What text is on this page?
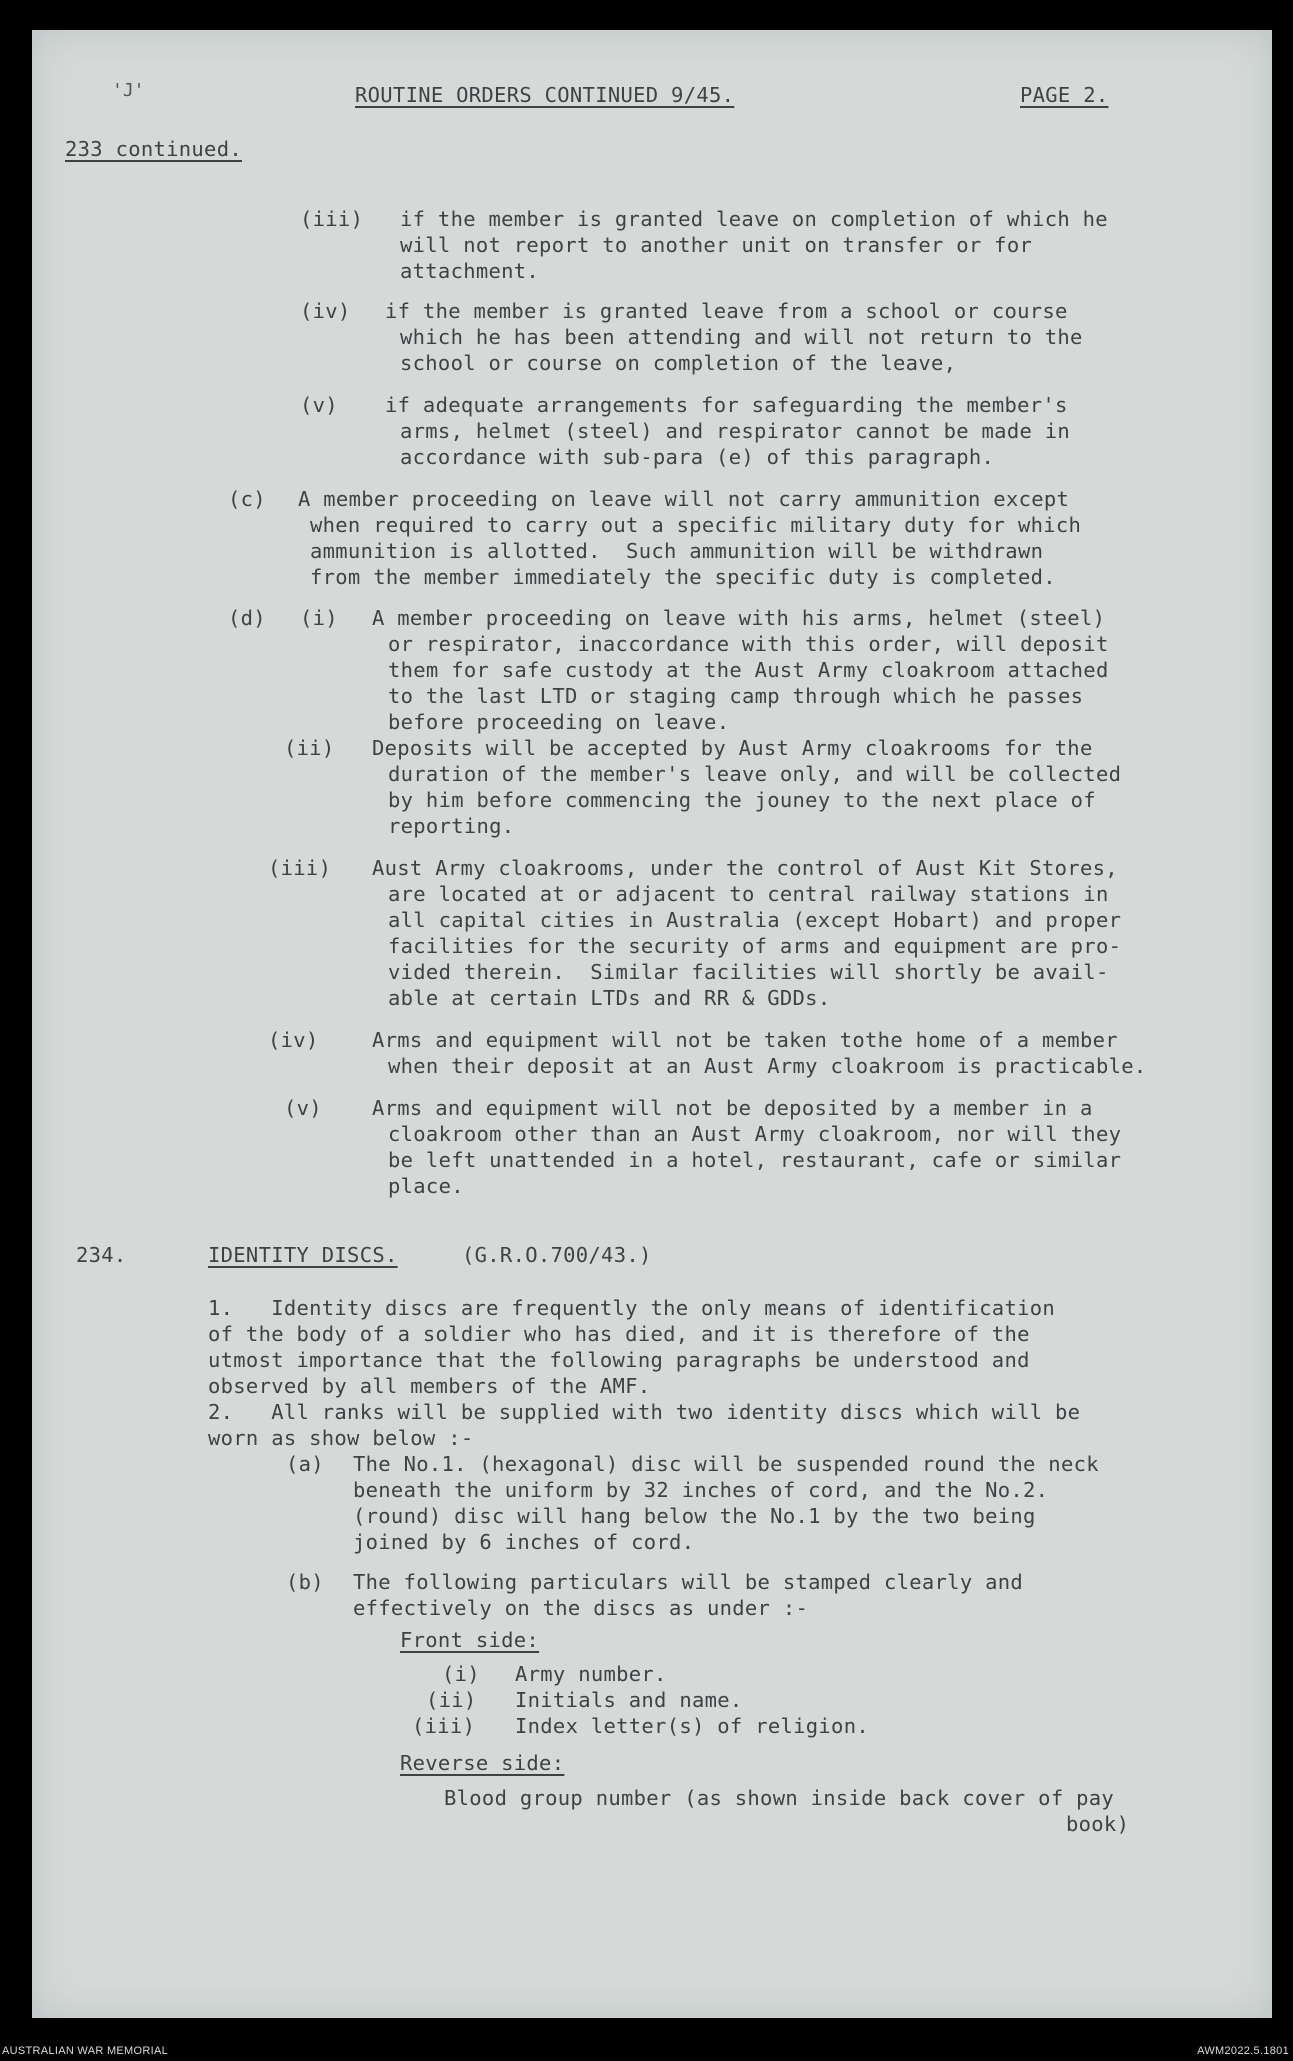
'J'	ROUTINE ORDERS CONTINUED 9/45.	PAGE 2.
233 continued.
(iii) if the member is granted leave on completion of which he
will not report to another unit on transfer or for
attachment.
(iv) if the member is granted leave from a school or course
which he has been attending and will not return to the
school or course on completion of the leave,
(v) if adequate arrangements for safeguarding the member's
arms, helmet (steel) and respirator cannot be made in
accordance with sub-para (e) of this paragraph.
(c) A member proceeding on leave will not carry ammunition except
when required to carry out a specific military duty for which
ammunition is allotted.  Such ammunition will be withdrawn
from the member immediately the specific duty is completed.
(d) (i) A member proceeding on leave with his arms, helmet (steel)
or respirator, inaccordance with this order, will deposit
them for safe custody at the Aust Army cloakroom attached
to the last LTD or staging camp through which he passes
before proceeding on leave.
(ii) Deposits will be accepted by Aust Army cloakrooms for the
duration of the member's leave only, and will be collected
by him before commencing the jouney to the next place of
reporting.
(iii) Aust Army cloakrooms, under the control of Aust Kit Stores,
are located at or adjacent to central railway stations in
all capital cities in Australia (except Hobart) and proper
facilities for the security of arms and equipment are pro-
vided therein.  Similar facilities will shortly be avail-
able at certain LTDs and RR & GDDs.
(iv)	Arms and equipment will not be taken tothe home of a member
when their deposit at an Aust Army cloakroom is practicable.
(v) Arms and equipment will not be deposited by a member in a
cloakroom other than an Aust Army cloakroom, nor will they
be left unattended in a hotel, restaurant, cafe or similar
place.
234.	IDENTITY DISCS.	(G.R.O.700/43.)
1.   Identity discs are frequently the only means of identification
of the body of a soldier who has died, and it is therefore of the
utmost importance that the following paragraphs be understood and
observed by all members of the AMF.
2.   All ranks will be supplied with two identity discs which will be
worn as show below :-
(a) The No.1. (hexagonal) disc will be suspended round the neck
beneath the uniform by 32 inches of cord, and the No.2.
(round) disc will hang below the No.1 by the two being
joined by 6 inches of cord.
(b) The following particulars will be stamped clearly and
effectively on the discs as under :-
Front side:
(i) Army number.
(ii) Initials and name.
(iii) Index letter(s) of religion.
Reverse side:
Blood group number (as shown inside back cover of pay
book)
AUSTRALIAN WAR MEMORIAL	AWM2022.5.1801
